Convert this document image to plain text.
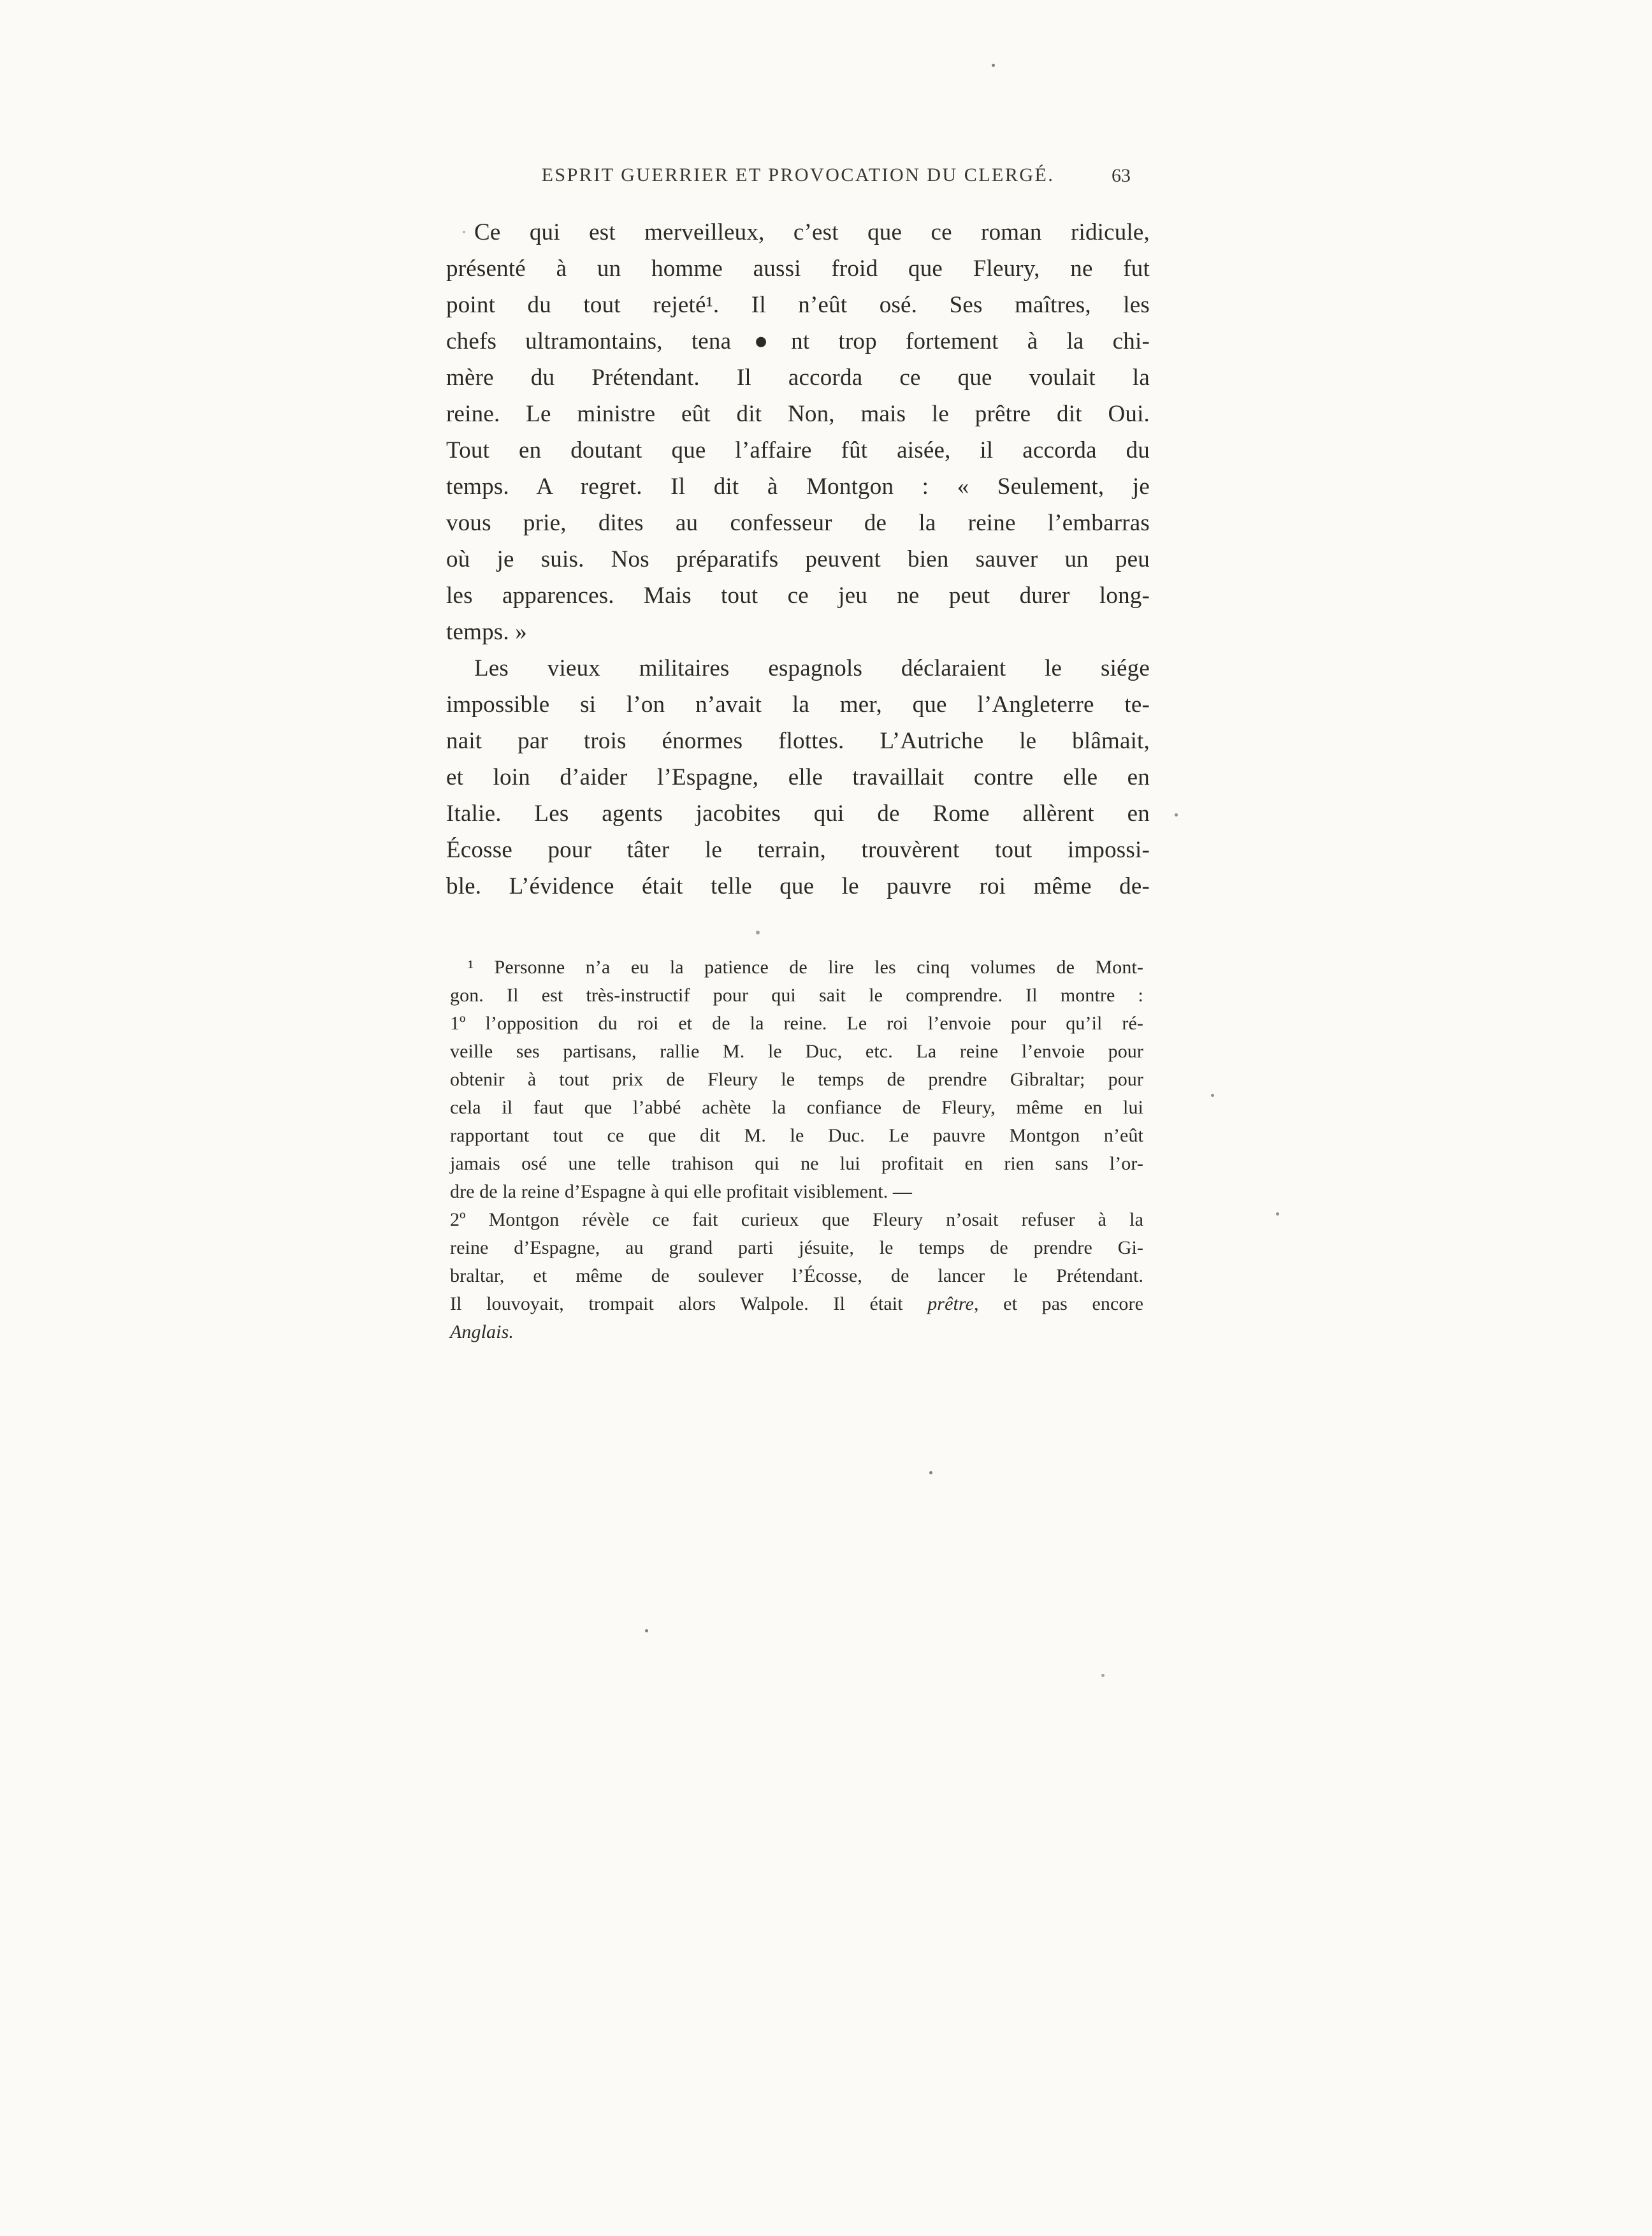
ESPRIT GUERRIER ET PROVOCATION DU CLERGÉ.	63
Ce qui est merveilleux, c’est que ce roman ridicule,
présenté à un homme aussi froid que Fleury, ne fut
point du tout rejeté¹. Il n’eût osé. Ses maîtres, les
chefs ultramontains, tena●nt trop fortement à la chi-
mère du Prétendant. Il accorda ce que voulait la
reine. Le ministre eût dit Non, mais le prêtre dit Oui.
Tout en doutant que l’affaire fût aisée, il accorda du
temps. A regret. Il dit à Montgon : « Seulement, je
vous prie, dites au confesseur de la reine l’embarras
où je suis. Nos préparatifs peuvent bien sauver un peu
les apparences. Mais tout ce jeu ne peut durer long-
temps. »
Les vieux militaires espagnols déclaraient le siége
impossible si l’on n’avait la mer, que l’Angleterre te-
nait par trois énormes flottes. L’Autriche le blâmait,
et loin d’aider l’Espagne, elle travaillait contre elle en
Italie. Les agents jacobites qui de Rome allèrent en
Écosse pour tâter le terrain, trouvèrent tout impossi-
ble. L’évidence était telle que le pauvre roi même de-
¹ Personne n’a eu la patience de lire les cinq volumes de Mont-
gon. Il est très-instructif pour qui sait le comprendre. Il montre :
1º l’opposition du roi et de la reine. Le roi l’envoie pour qu’il ré-
veille ses partisans, rallie M. le Duc, etc. La reine l’envoie pour
obtenir à tout prix de Fleury le temps de prendre Gibraltar; pour
cela il faut que l’abbé achète la confiance de Fleury, même en lui
rapportant tout ce que dit M. le Duc. Le pauvre Montgon n’eût
jamais osé une telle trahison qui ne lui profitait en rien sans l’or-
dre de la reine d’Espagne à qui elle profitait visiblement. —
2º Montgon révèle ce fait curieux que Fleury n’osait refuser à la
reine d’Espagne, au grand parti jésuite, le temps de prendre Gi-
braltar, et même de soulever l’Écosse, de lancer le Prétendant.
Il louvoyait, trompait alors Walpole. Il était prêtre, et pas encore
Anglais.
